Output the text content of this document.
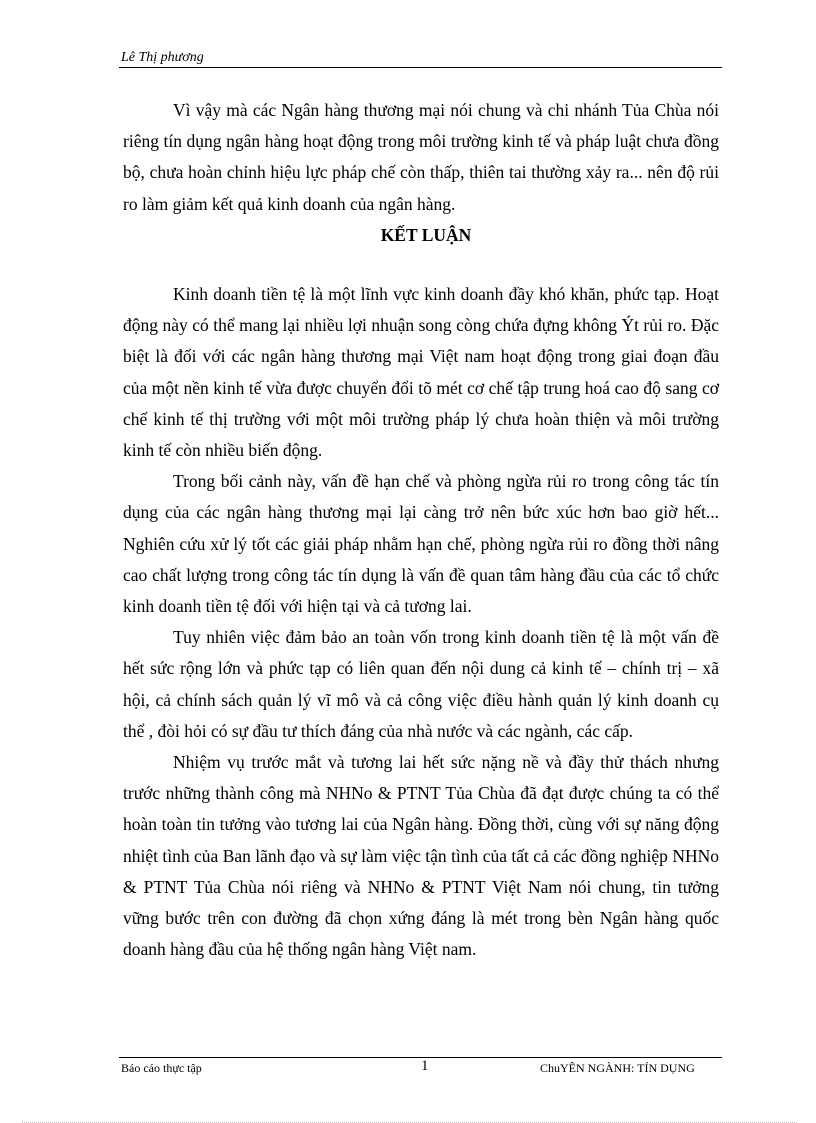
Lê Thị phương

Vì vậy mà các Ngân hàng thương mại nói chung và chi nhánh Tủa Chùa nói riêng tín dụng ngân hàng hoạt động trong môi trường kinh tế và pháp luật chưa đồng bộ, chưa hoàn chỉnh hiệu lực pháp chế còn thấp, thiên tai thường xảy ra... nên độ rủi ro làm giảm kết quả kinh doanh của ngân hàng.

KẾT LUẬN

Kinh doanh tiền tệ là một lĩnh vực kinh doanh đầy khó khăn, phức tạp. Hoạt động này có thể mang lại nhiều lợi nhuận song còng chứa đựng không Ýt rủi ro. Đặc biệt là đối với các ngân hàng thương mại Việt nam hoạt động trong giai đoạn đầu của một nền kinh tế vừa được chuyển đổi tõ mét cơ chế tập trung hoá cao độ sang cơ chế kinh tế thị trường với một môi trường pháp lý chưa hoàn thiện và môi trường kinh tế còn nhiều biến động.

Trong bối cảnh này, vấn đề hạn chế và phòng ngừa rủi ro trong công tác tín dụng của các ngân hàng thương mại lại càng trở nên bức xúc hơn bao giờ hết... Nghiên cứu xử lý tốt các giải pháp nhằm hạn chế, phòng ngừa rủi ro đồng thời nâng cao chất lượng trong công tác tín dụng là vấn đề quan tâm hàng đầu của các tổ chức kinh doanh tiền tệ đối với hiện tại và cả tương lai.

Tuy nhiên việc đảm bảo an toàn vốn trong kinh doanh tiền tệ là một vấn đề hết sức rộng lớn và phức tạp có liên quan đến nội dung cả kinh tế – chính trị – xã hội, cả chính sách quản lý vĩ mô và cả công việc điều hành quản lý kinh doanh cụ thể , đòi hỏi có sự đầu tư thích đáng của nhà nước và các ngành, các cấp.

Nhiệm vụ trước mắt và tương lai hết sức nặng nề và đầy thử thách nhưng trước những thành công mà NHNo & PTNT Tủa Chùa đã đạt được chúng ta có thể hoàn toàn tin tưởng vào tương lai của Ngân hàng. Đồng thời, cùng với sự năng động nhiệt tình của Ban lãnh đạo và sự làm việc tận tình của tất cả các đồng nghiệp NHNo & PTNT Tủa Chùa nói riêng và NHNo & PTNT Việt Nam nói chung, tin tưởng vững bước trên con đường đã chọn xứng đáng là mét trong bèn Ngân hàng quốc doanh hàng đầu của hệ thống ngân hàng Việt nam.

Báo cáo thực tập	1	ChuYÊN NGÀNH: TÍN DỤNG
